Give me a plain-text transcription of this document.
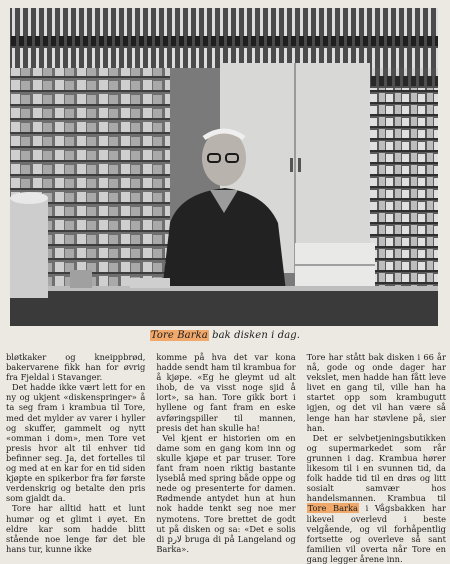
Tore Barka bak disken i dag.

bløtkaker og kneippbrød, bakervarene fikk han for øvrig fra Fjeldal i Stavanger.

Det hadde ikke vært lett for en ny og ukjent «diskenspringer» å ta seg fram i krambua til Tore, med det mylder av varer i hyller og skuffer, gammelt og nytt «omman i dom», men Tore vet presis hvor alt til enhver tid befinner seg. Ja, det fortelles til og med at en kar for en tid siden kjøpte en spikerbor fra før første verdenskrig og betalte den pris som gjaldt da.

Tore har alltid hatt et lunt humør og et glimt i øyet. En eldre kar som hadde blitt stående noe lenge før det ble hans tur, kunne ikke

komme på hva det var kona hadde sendt ham til krambua for å kjøpe. «Eg he gleymt ud alt ihob, de va visst noge sjid å lort», sa han. Tore gikk bort i hyllene og fant fram en eske avføringspiller til mannen, presis det han skulle ha!

Vel kjent er historien om en dame som en gang kom inn og skulle kjøpe et par truser. Tore fant fram noen riktig bastante lyseblå med spring både oppe og nede og presenterte for damen. Rødmende antydet hun at hun nok hadde tenkt seg noe mer nymotens. Tore brettet de godt ut på disken og sa: «Det e solis di pلار bruga di på Langeland og Barka».

Tore har stått bak disken i 66 år nå, gode og onde dager har vekslet, men hadde han fått leve livet en gang til, ville han ha startet opp som krambugutt igjen, og det vil han være så lenge han har støvlene på, sier han.

Det er selvbetjeningsbutikken og supermarkedet som rår grunnen i dag. Krambua hører likesom til i en svunnen tid, da folk hadde tid til en drøs og litt sosialt samvær hos handelsmannen. Krambua til Tore Barka i Vågsbakken har likevel overlevd i beste velgående, og vil forhåpentlig fortsette og overleve så sant familien vil overta når Tore en gang legger årene inn.
